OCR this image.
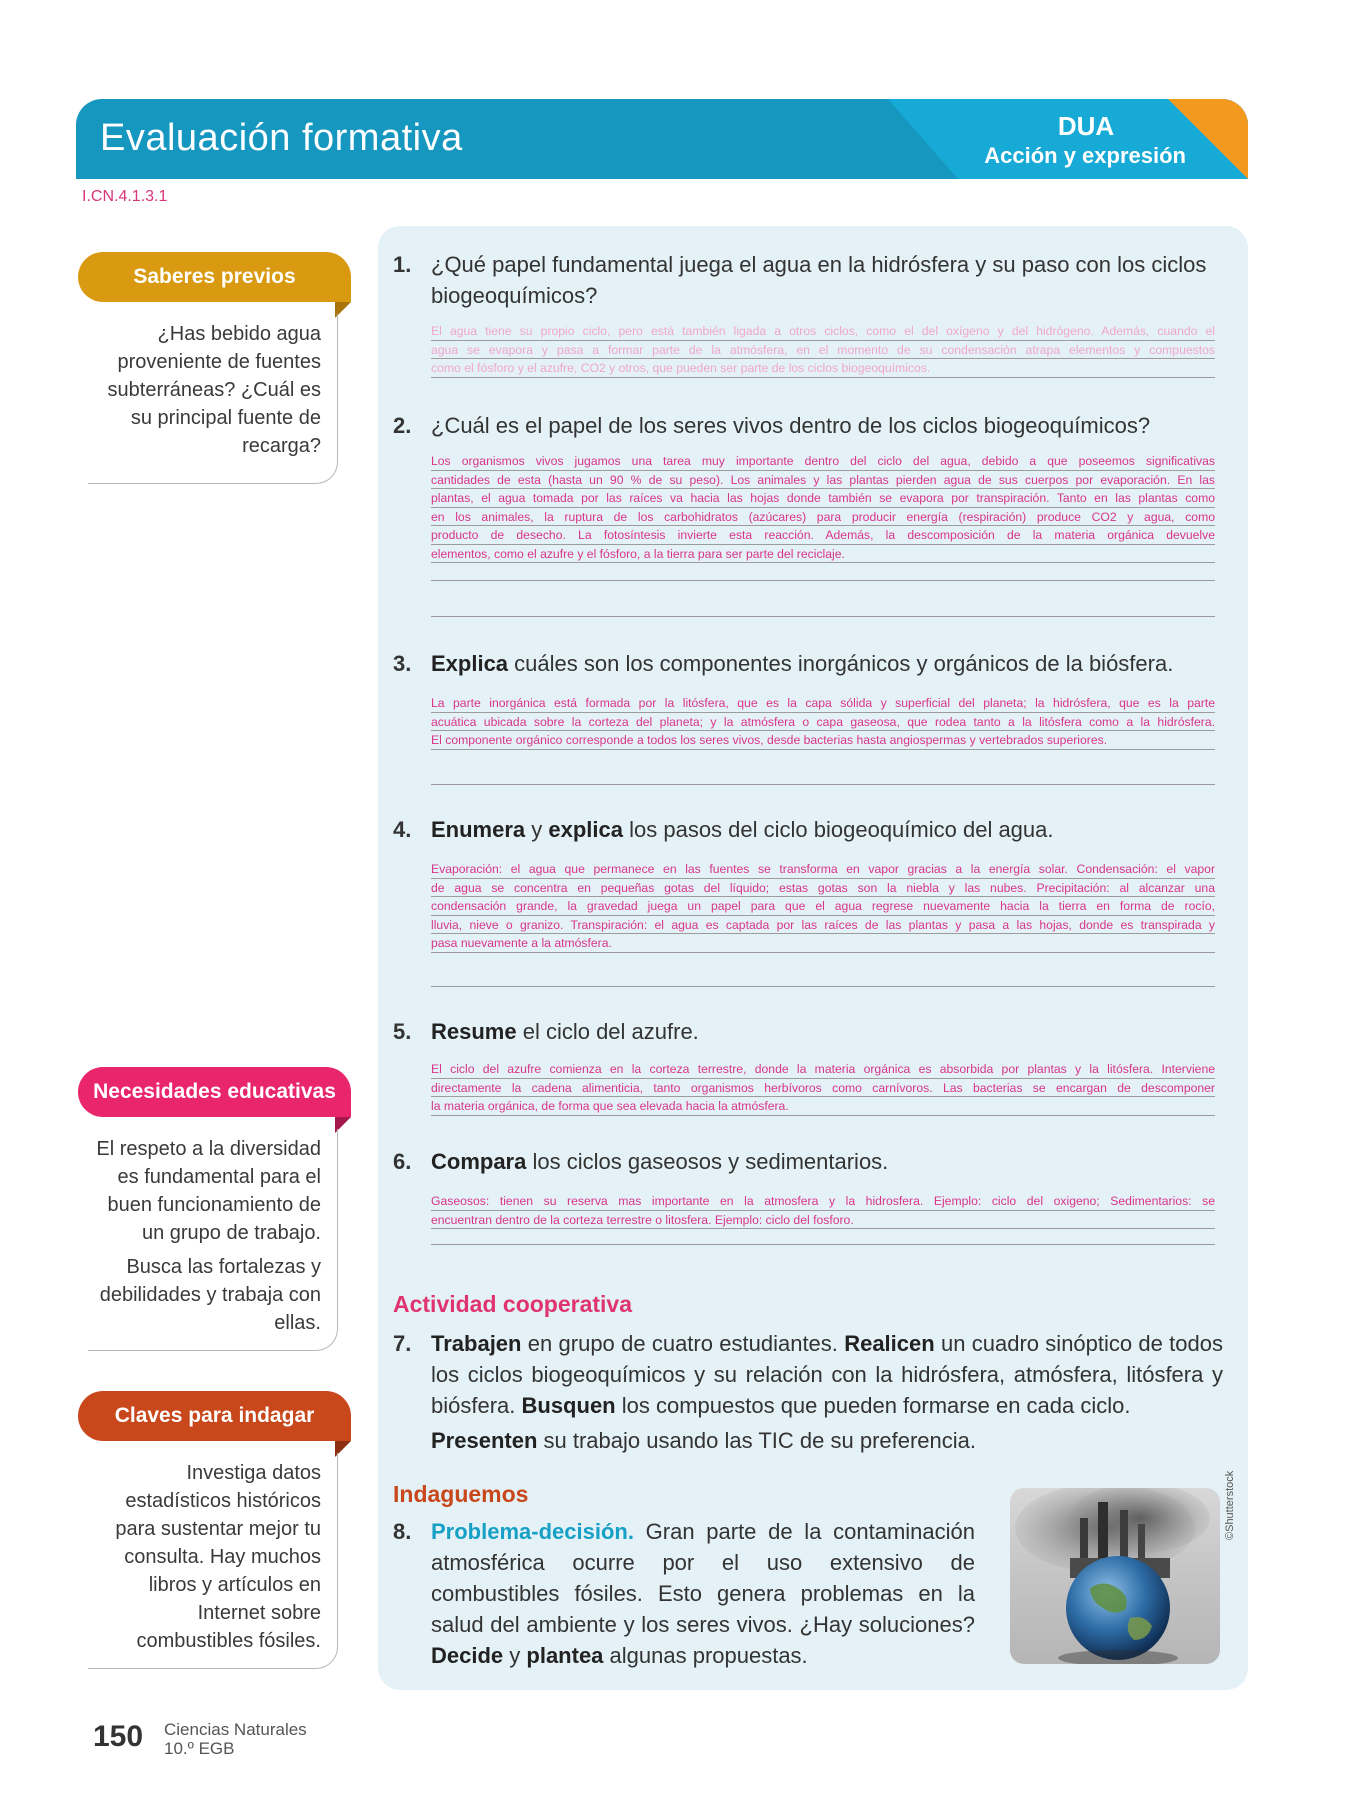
Evaluación formativa	DUA
Acción y expresión
I.CN.4.1.3.1
Saberes previos

¿Has bebido agua proveniente de fuentes subterráneas? ¿Cuál es su principal fuente de recarga?

Necesidades educativas

El respeto a la diversidad es fundamental para el buen funcionamiento de un grupo de trabajo.

Busca las fortalezas y debilidades y trabaja con ellas.

Claves para indagar

Investiga datos estadísticos históricos para sustentar mejor tu consulta. Hay muchos libros y artículos en Internet sobre combustibles fósiles.

1. ¿Qué papel fundamental juega el agua en la hidrósfera y su paso con los ciclos biogeoquímicos?
El agua tiene su propio ciclo, pero está también ligada a otros ciclos, como el del oxígeno y del hidrógeno. Además, cuando el
agua se evapora y pasa a formar parte de la atmósfera, en el momento de su condensación atrapa elementos y compuestos
como el fósforo y el azufre, CO2 y otros, que pueden ser parte de los ciclos biogeoquímicos.
2. ¿Cuál es el papel de los seres vivos dentro de los ciclos biogeoquímicos?
Los organismos vivos jugamos una tarea muy importante dentro del ciclo del agua, debido a que poseemos significativas
cantidades de esta (hasta un 90 % de su peso). Los animales y las plantas pierden agua de sus cuerpos por evaporación. En las
plantas, el agua tomada por las raíces va hacia las hojas donde también se evapora por transpiración. Tanto en las plantas como
en los animales, la ruptura de los carbohidratos (azúcares) para producir energía (respiración) produce CO2 y agua, como
producto de desecho. La fotosíntesis invierte esta reacción. Además, la descomposición de la materia orgánica devuelve
elementos, como el azufre y el fósforo, a la tierra para ser parte del reciclaje.
3. Explica cuáles son los componentes inorgánicos y orgánicos de la biósfera.
La parte inorgánica está formada por la litósfera, que es la capa sólida y superficial del planeta; la hidrósfera, que es la parte
acuática ubicada sobre la corteza del planeta; y la atmósfera o capa gaseosa, que rodea tanto a la litósfera como a la hidrósfera.
El componente orgánico corresponde a todos los seres vivos, desde bacterias hasta angiospermas y vertebrados superiores.
4. Enumera y explica los pasos del ciclo biogeoquímico del agua.
Evaporación: el agua que permanece en las fuentes se transforma en vapor gracias a la energía solar. Condensación: el vapor
de agua se concentra en pequeñas gotas del líquido; estas gotas son la niebla y las nubes. Precipitación: al alcanzar una
condensación grande, la gravedad juega un papel para que el agua regrese nuevamente hacia la tierra en forma de rocío,
lluvia, nieve o granizo. Transpiración: el agua es captada por las raíces de las plantas y pasa a las hojas, donde es transpirada y
pasa nuevamente a la atmósfera.
5. Resume el ciclo del azufre.
El ciclo del azufre comienza en la corteza terrestre, donde la materia orgánica es absorbida por plantas y la litósfera. Interviene
directamente la cadena alimenticia, tanto organismos herbívoros como carnívoros. Las bacterias se encargan de descomponer
la materia orgánica, de forma que sea elevada hacia la atmósfera.
6. Compara los ciclos gaseosos y sedimentarios.
Gaseosos: tienen su reserva mas importante en la atmosfera y la hidrosfera. Ejemplo: ciclo del oxigeno; Sedimentarios: se
encuentran dentro de la corteza terrestre o litosfera. Ejemplo: ciclo del fosforo.
Actividad cooperativa
7. Trabajen en grupo de cuatro estudiantes. Realicen un cuadro sinóptico de todos los ciclos biogeoquímicos y su relación con la hidrósfera, atmósfera, litósfera y biósfera. Busquen los compuestos que pueden formarse en cada ciclo.
Presenten su trabajo usando las TIC de su preferencia.
Indaguemos
8. Problema-decisión. Gran parte de la contaminación atmosférica ocurre por el uso extensivo de combustibles fósiles. Esto genera problemas en la salud del ambiente y los seres vivos. ¿Hay soluciones? Decide y plantea algunas propuestas.
©Shutterstock
150 Ciencias Naturales
10.º EGB
